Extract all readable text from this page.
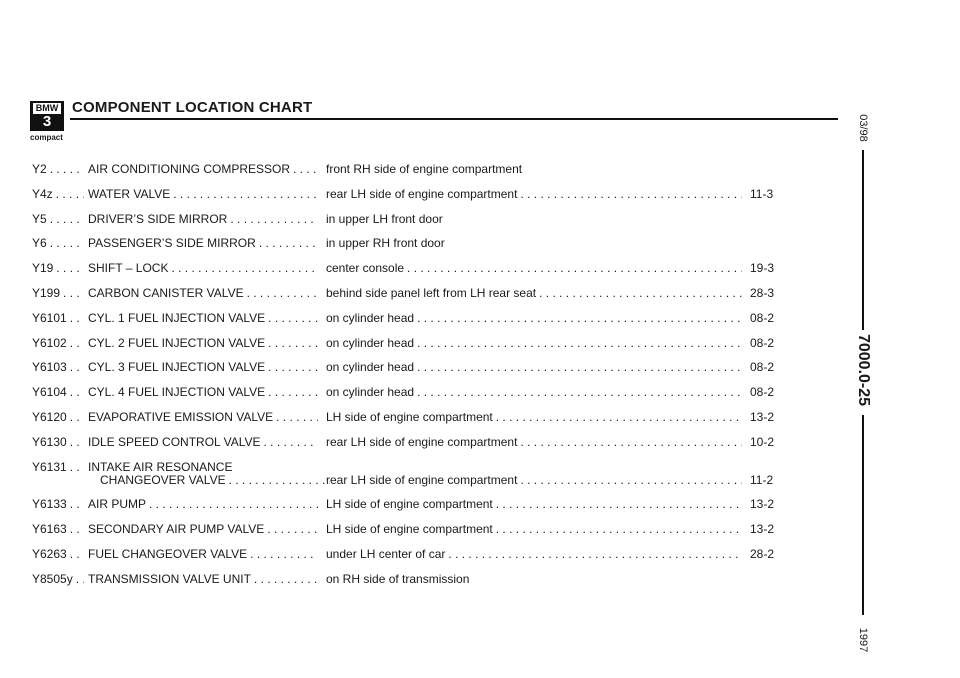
BMW
3
compact
COMPONENT LOCATION CHART
Y2 . . .	AIR CONDITIONING COMPRESSOR . . .	front RH side of engine compartment
Y4z . . .	WATER VALVE . . .	rear LH side of engine compartment . . .	11-3
Y5 . . .	DRIVER’S SIDE MIRROR . . .	in upper LH front door
Y6 . . .	PASSENGER’S SIDE MIRROR . . .	in upper RH front door
Y19 . . .	SHIFT – LOCK . . .	center console . . .	19-3
Y199 . . .	CARBON CANISTER VALVE . . .	behind side panel left from LH rear seat . . .	28-3
Y6101 . . .	CYL. 1 FUEL INJECTION VALVE . . .	on cylinder head . . .	08-2
Y6102 . . .	CYL. 2 FUEL INJECTION VALVE . . .	on cylinder head . . .	08-2
Y6103 . . .	CYL. 3 FUEL INJECTION VALVE . . .	on cylinder head . . .	08-2
Y6104 . . .	CYL. 4 FUEL INJECTION VALVE . . .	on cylinder head . . .	08-2
Y6120 . . .	EVAPORATIVE EMISSION VALVE . . .	LH side of engine compartment . . .	13-2
Y6130 . . .	IDLE SPEED CONTROL VALVE . . .	rear LH side of engine compartment . . .	10-2
Y6131 . . .	INTAKE AIR RESONANCE
CHANGEOVER VALVE . . .	rear LH side of engine compartment . . .	11-2
Y6133 . . .	AIR PUMP . . .	LH side of engine compartment . . .	13-2
Y6163 . . .	SECONDARY AIR PUMP VALVE . . .	LH side of engine compartment . . .	13-2
Y6263 . . .	FUEL CHANGEOVER VALVE . . .	under LH center of car . . .	28-2
Y8505y . . .	TRANSMISSION VALVE UNIT . . .	on RH side of transmission
03/98
7000.0-25
1997
